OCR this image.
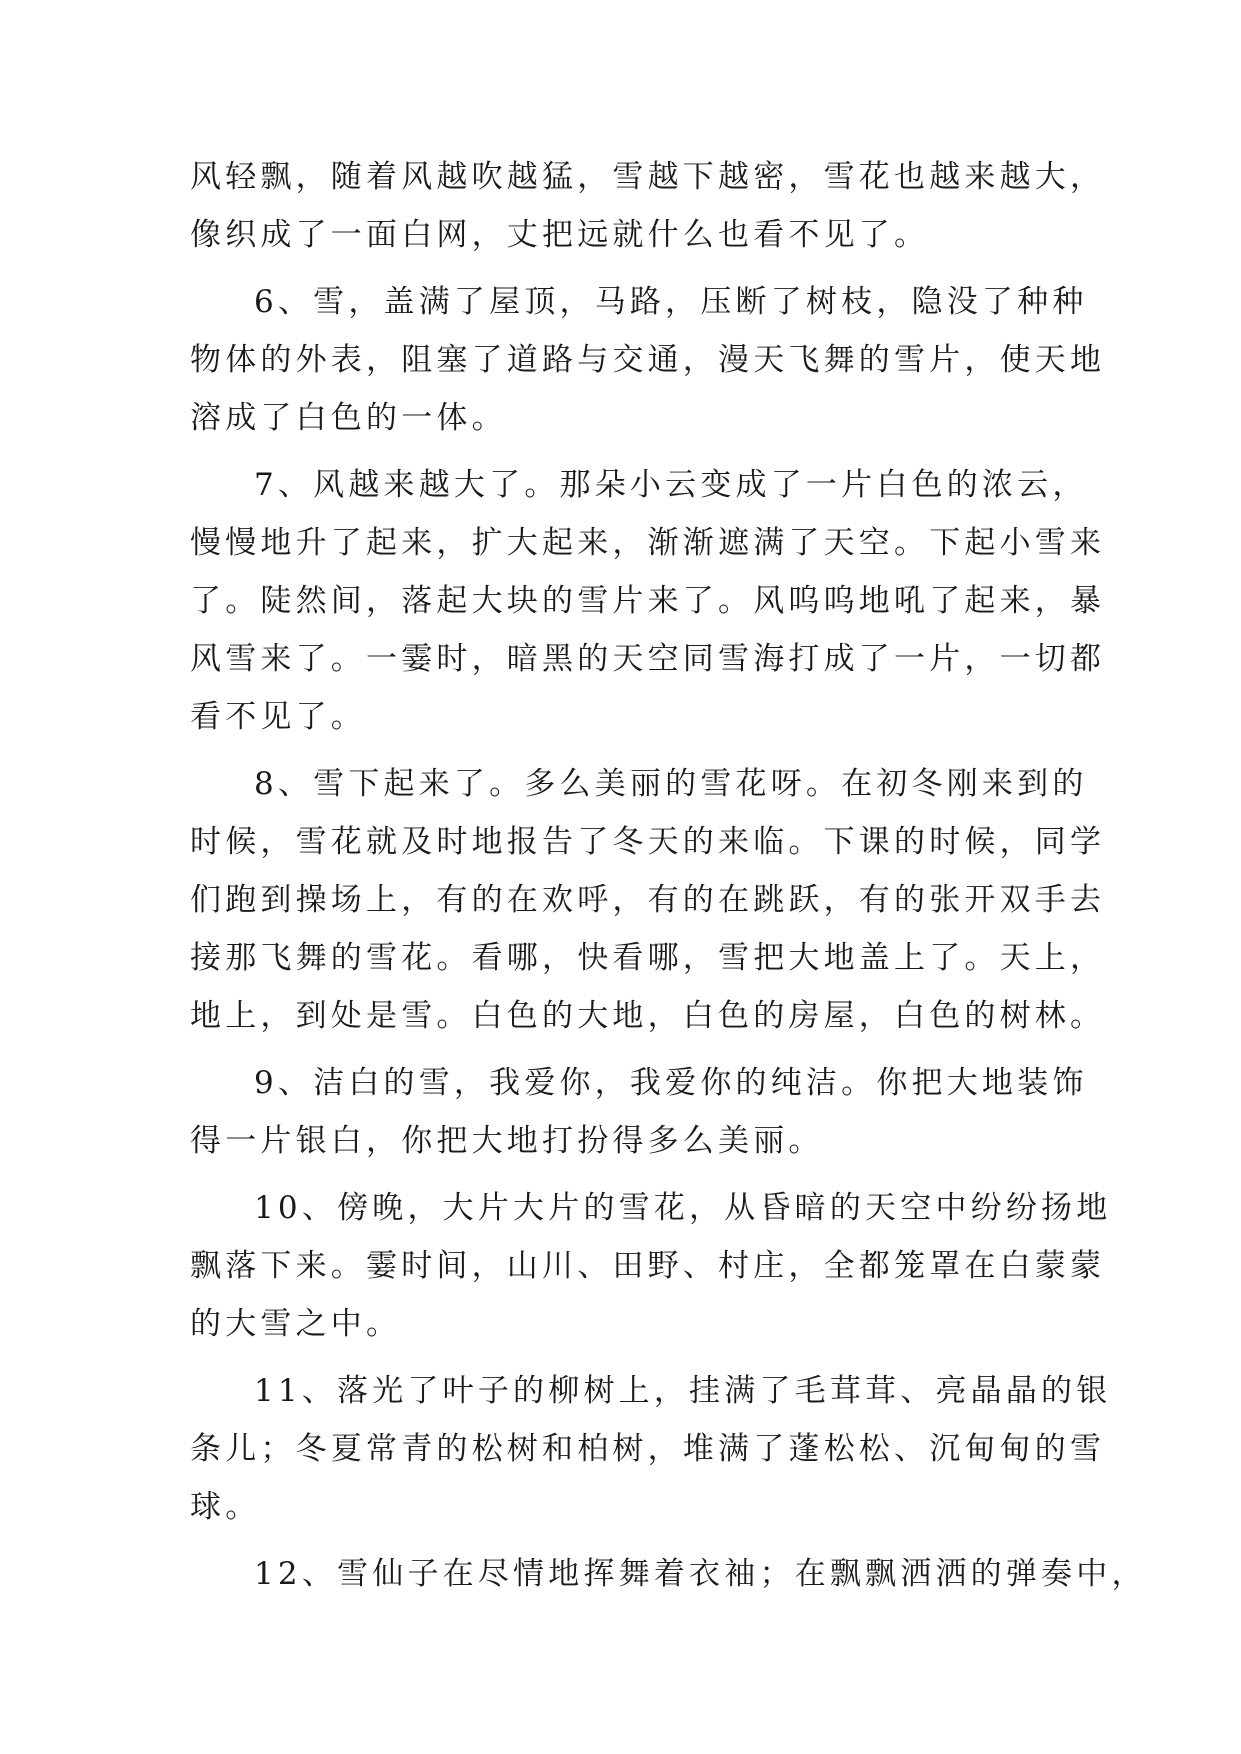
风轻飘，随着风越吹越猛，雪越下越密，雪花也越来越大，
像织成了一面白网，丈把远就什么也看不见了。
6、雪，盖满了屋顶，马路，压断了树枝，隐没了种种
物体的外表，阻塞了道路与交通，漫天飞舞的雪片，使天地
溶成了白色的一体。
7、风越来越大了。那朵小云变成了一片白色的浓云，
慢慢地升了起来，扩大起来，渐渐遮满了天空。下起小雪来
了。陡然间，落起大块的雪片来了。风呜呜地吼了起来，暴
风雪来了。一霎时，暗黑的天空同雪海打成了一片，一切都
看不见了。
8、雪下起来了。多么美丽的雪花呀。在初冬刚来到的
时候，雪花就及时地报告了冬天的来临。下课的时候，同学
们跑到操场上，有的在欢呼，有的在跳跃，有的张开双手去
接那飞舞的雪花。看哪，快看哪，雪把大地盖上了。天上，
地上，到处是雪。白色的大地，白色的房屋，白色的树林。
9、洁白的雪，我爱你，我爱你的纯洁。你把大地装饰
得一片银白，你把大地打扮得多么美丽。
10、傍晚，大片大片的雪花，从昏暗的天空中纷纷扬地
飘落下来。霎时间，山川、田野、村庄，全都笼罩在白蒙蒙
的大雪之中。
11、落光了叶子的柳树上，挂满了毛茸茸、亮晶晶的银
条儿；冬夏常青的松树和柏树，堆满了蓬松松、沉甸甸的雪
球。
12、雪仙子在尽情地挥舞着衣袖；在飘飘洒洒的弹奏中，
